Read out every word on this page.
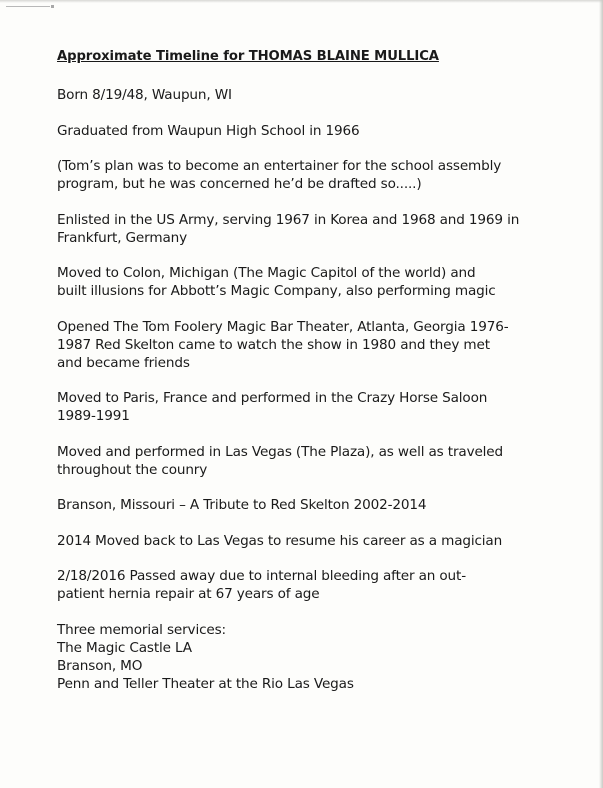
Approximate Timeline for THOMAS BLAINE MULLICA
Born 8/19/48, Waupun, WI
Graduated from Waupun High School in 1966
(Tom’s plan was to become an entertainer for the school assembly
program, but he was concerned he’d be drafted so.....)
Enlisted in the US Army, serving 1967 in Korea and 1968 and 1969 in
Frankfurt, Germany
Moved to Colon, Michigan (The Magic Capitol of the world) and
built illusions for Abbott’s Magic Company, also performing magic
Opened The Tom Foolery Magic Bar Theater, Atlanta, Georgia 1976-
1987 Red Skelton came to watch the show in 1980 and they met
and became friends
Moved to Paris, France and performed in the Crazy Horse Saloon
1989-1991
Moved and performed in Las Vegas (The Plaza), as well as traveled
throughout the counry
Branson, Missouri – A Tribute to Red Skelton 2002-2014
2014 Moved back to Las Vegas to resume his career as a magician
2/18/2016 Passed away due to internal bleeding after an out-
patient hernia repair at 67 years of age
Three memorial services:
The Magic Castle LA
Branson, MO
Penn and Teller Theater at the Rio Las Vegas
